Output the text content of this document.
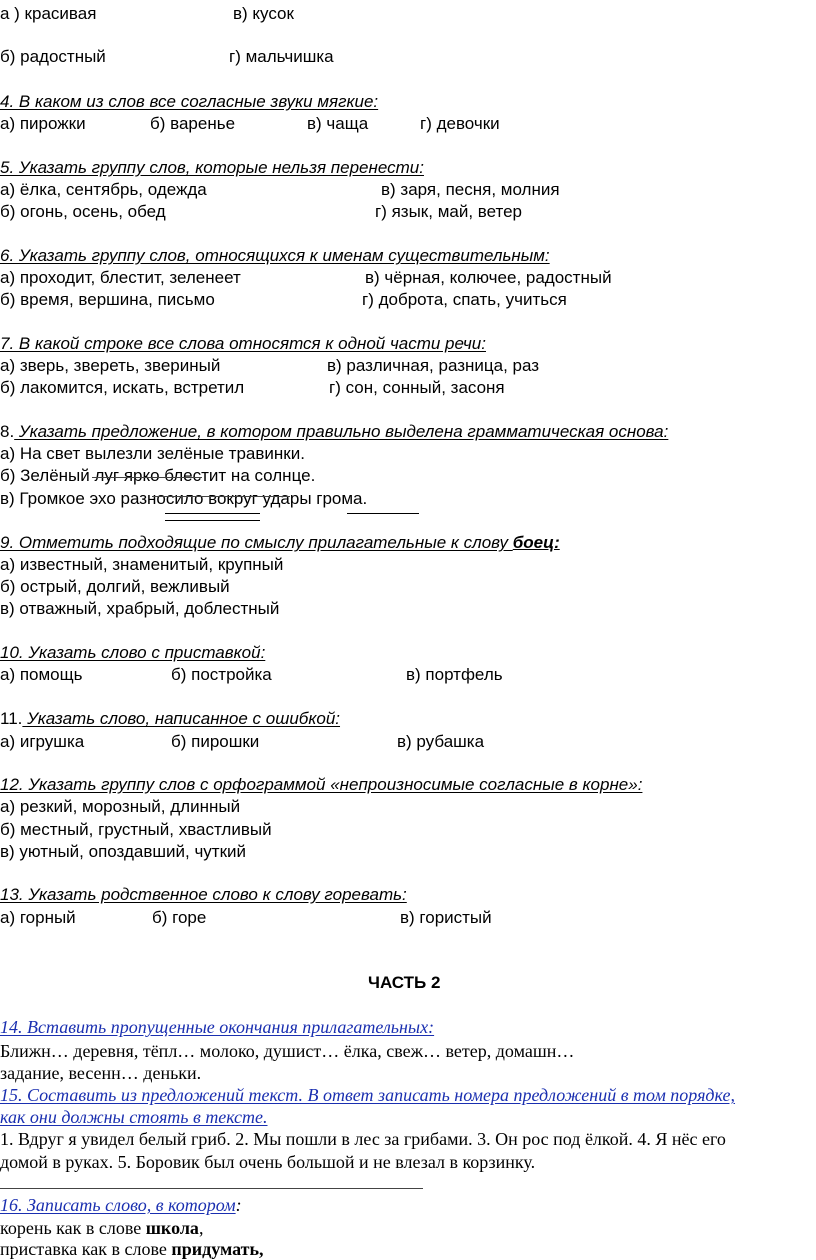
а ) красивая	в) кусок
б) радостный	г) мальчишка
4. В каком из слов все согласные звуки мягкие:
а) пирожки	б) варенье	в) чаща	г) девочки
5. Указать группу слов, которые нельзя перенести:
а) ёлка, сентябрь, одежда	в) заря, песня, молния
б) огонь, осень, обед	г) язык, май, ветер
6. Указать группу слов, относящихся к именам существительным:
а) проходит, блестит, зеленеет	в) чёрная, колючее, радостный
б) время, вершина, письмо	г) доброта, спать, учиться
7. В какой строке все слова относятся к одной части речи:
а) зверь, звереть, звериный	в) различная, разница, раз
б) лакомится, искать, встретил	г) сон, сонный, засоня
8. Указать предложение, в котором правильно выделена грамматическая основа:
а) На свет вылезли зелёные травинки.
б) Зелёный луг ярко блестит на солнце.
в) Громкое эхо разносило вокруг удары грома.
9. Отметить подходящие по смыслу прилагательные к слову боец:
а) известный, знаменитый, крупный
б) острый, долгий, вежливый
в) отважный, храбрый, доблестный
10. Указать слово с приставкой:
а) помощь	б) постройка	в) портфель
11. Указать слово, написанное с ошибкой:
а) игрушка	б) пирошки	в) рубашка
12. Указать группу слов с орфограммой «непроизносимые согласные в корне»:
а) резкий, морозный, длинный
б) местный, грустный, хвастливый
в) уютный, опоздавший, чуткий
13. Указать родственное слово к слову горевать:
а) горный	б) горе	в) гористый
ЧАСТЬ 2
14. Вставить пропущенные окончания прилагательных:
Ближн… деревня, тёпл… молоко, душист… ёлка, свеж… ветер, домашн…
задание, весенн… деньки.
15. Составить из предложений текст. В ответ записать номера предложений в том порядке,
как они должны стоять в тексте.
1. Вдруг я увидел белый гриб. 2. Мы пошли в лес за грибами. 3. Он рос под ёлкой. 4. Я нёс его
домой в руках. 5. Боровик был очень большой и не влезал в корзинку.
16. Записать слово, в котором:
корень как в слове школа,
приставка как в слове придумать,
